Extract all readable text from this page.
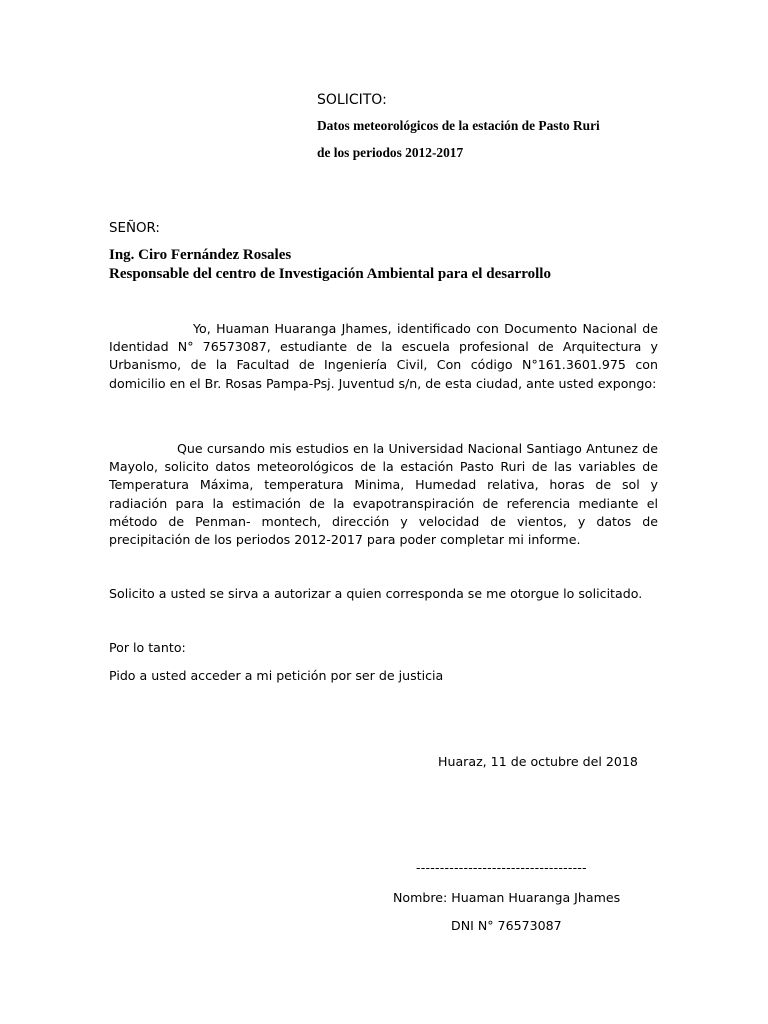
SOLICITO:
Datos meteorológicos de la estación de Pasto Ruri
de los periodos 2012-2017
SEÑOR:
Ing. Ciro Fernández Rosales
Responsable del centro de Investigación Ambiental para el desarrollo
Yo, Huaman Huaranga Jhames, identificado con Documento Nacional de Identidad N° 76573087, estudiante de la escuela profesional de Arquitectura y Urbanismo, de la Facultad de Ingeniería Civil, Con código N°161.3601.975 con domicilio en el Br. Rosas Pampa-Psj. Juventud s/n, de esta ciudad, ante usted expongo:
Que cursando mis estudios en la Universidad Nacional Santiago Antunez de Mayolo, solicito datos meteorológicos de la estación Pasto Ruri de las variables de Temperatura Máxima, temperatura Minima, Humedad relativa, horas de sol y radiación para la estimación de la evapotranspiración de referencia mediante el método de Penman- montech, dirección y velocidad de vientos, y datos de precipitación de los periodos 2012-2017 para poder completar mi informe.
Solicito a usted se sirva a autorizar a quien corresponda se me otorgue lo solicitado.
Por lo tanto:
Pido a usted acceder a mi petición por ser de justicia
Huaraz, 11 de octubre del 2018
------------------------------------
Nombre: Huaman Huaranga Jhames
DNI N° 76573087
